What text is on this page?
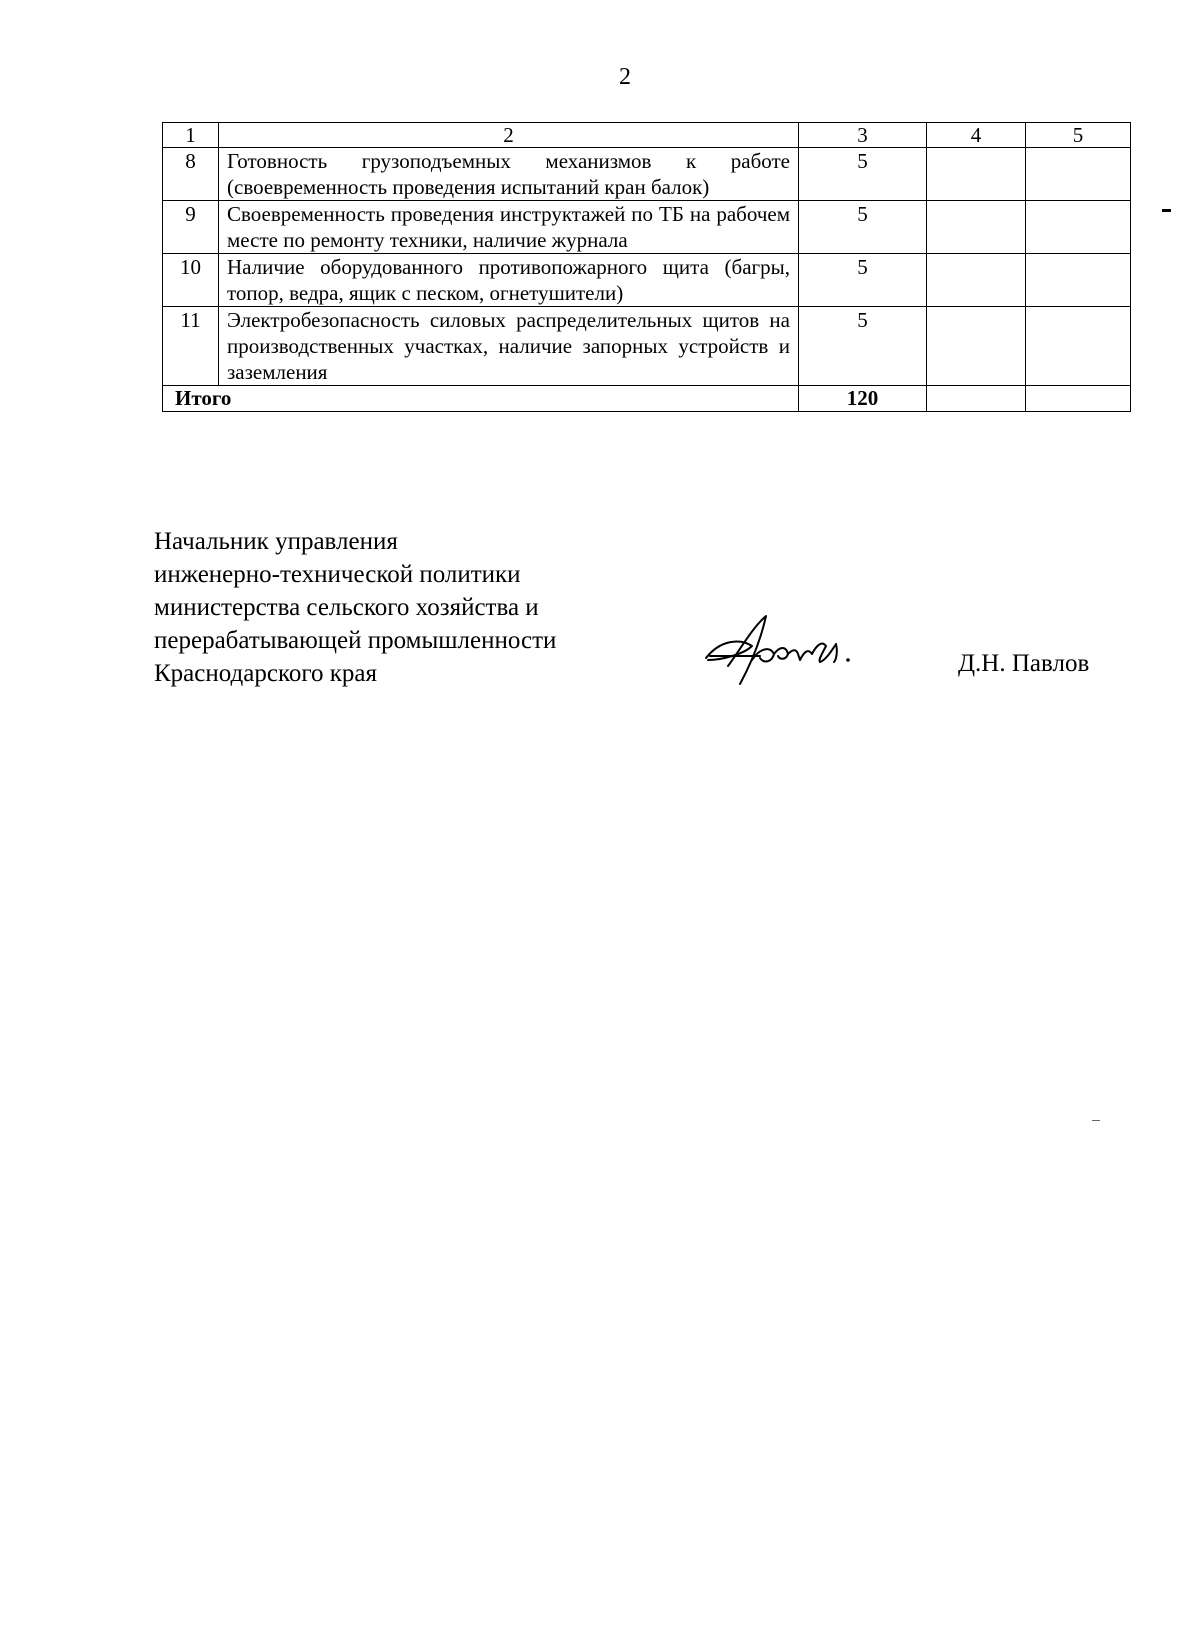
2
1	2	3	4	5
8	Готовность грузоподъемных механизмов к работе (своевременность проведения испытаний кран балок)	5		
9	Своевременность проведения инструктажей по ТБ на рабочем месте по ремонту техники, наличие журнала	5		
10	Наличие оборудованного противопожарного щита (багры, топор, ведра, ящик с песком, огнетушители)	5		
11	Электробезопасность силовых распределительных щитов на производственных участках, наличие запорных устройств и заземления	5		
Итого		120		
Начальник управления
инженерно-технической политики
министерства сельского хозяйства и
перерабатывающей промышленности
Краснодарского края	Д.Н. Павлов
